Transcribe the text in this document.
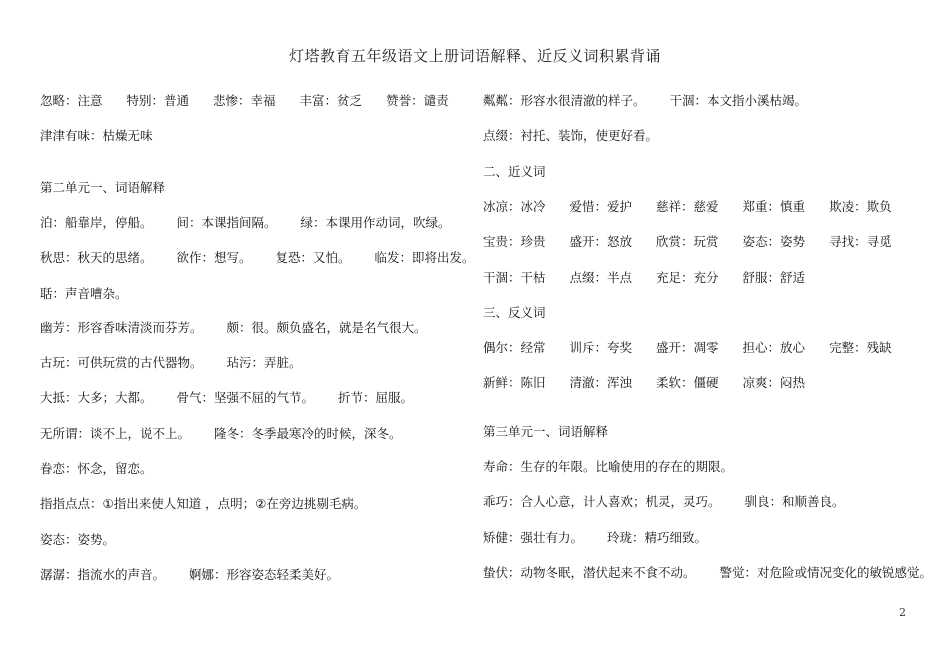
灯塔教育五年级语文上册词语解释、近反义词积累背诵
忽略：注意 特别：普通 悲惨：幸福 丰富：贫乏 赞誉：谴责
津津有味：枯燥无味
第二单元一、词语解释
泊：船靠岸，停船。 间：本课指间隔。 绿：本课用作动词，吹绿。
秋思：秋天的思绪。 欲作：想写。 复恐：又怕。 临发：即将出发。
聒：声音嘈杂。
幽芳：形容香味清淡而芬芳。 颇：很。颇负盛名，就是名气很大。
古玩：可供玩赏的古代器物。 玷污：弄脏。
大抵：大多；大都。 骨气：坚强不屈的气节。 折节：屈服。
无所谓：谈不上，说不上。 隆冬：冬季最寒冷的时候，深冬。
眷恋：怀念，留恋。
指指点点：①指出来使人知道 ，点明；②在旁边挑剔毛病。
姿态：姿势。
潺潺：指流水的声音。 婀娜：形容姿态轻柔美好。
粼粼：形容水很清澈的样子。 干涸：本文指小溪枯竭。
点缀：衬托、装饰，使更好看。
二、近义词
冰凉：冰冷 爱惜：爱护 慈祥：慈爱 郑重：慎重 欺凌：欺负
宝贵：珍贵 盛开：怒放 欣赏：玩赏 姿态：姿势 寻找：寻觅
干涸：干枯 点缀：半点 充足：充分 舒服：舒适
三、反义词
偶尔：经常 训斥：夸奖 盛开：凋零 担心：放心 完整：残缺
新鲜：陈旧 清澈：浑浊 柔软：僵硬 凉爽：闷热
第三单元一、词语解释
寿命：生存的年限。比喻使用的存在的期限。
乖巧：合人心意，计人喜欢；机灵，灵巧。 驯良：和顺善良。
矫健：强壮有力。 玲珑：精巧细致。
蛰伏：动物冬眠，潜伏起来不食不动。 警觉：对危险或情况变化的敏锐感觉。
2
